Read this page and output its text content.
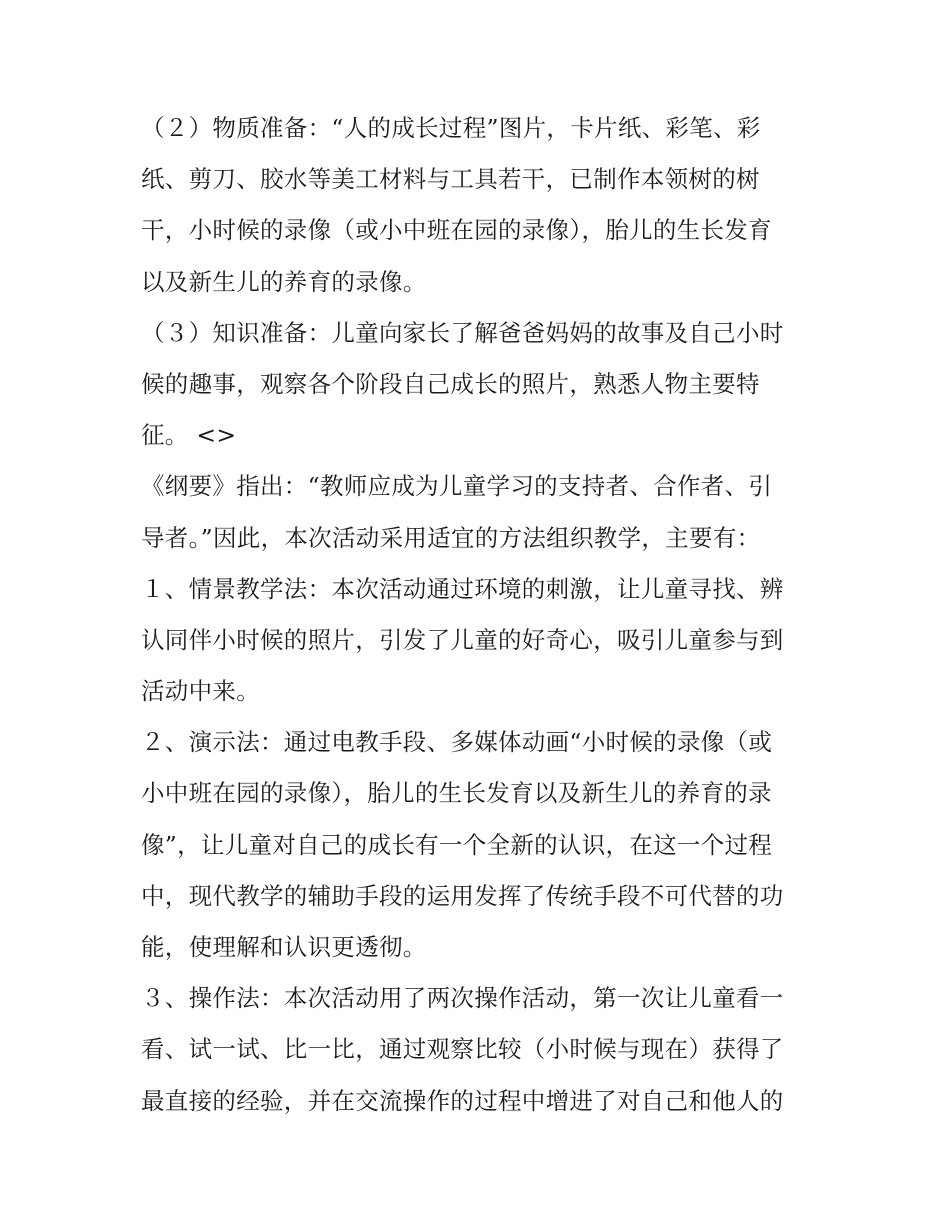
（２）物质准备：“人的成长过程”图片，卡片纸、彩笔、彩
纸、剪刀、胶水等美工材料与工具若干，已制作本领树的树
干，小时候的录像（或小中班在园的录像），胎儿的生长发育
以及新生儿的养育的录像。
（３）知识准备：儿童向家长了解爸爸妈妈的故事及自己小时
候的趣事，观察各个阶段自己成长的照片，熟悉人物主要特
征。 <>
《纲要》指出：“教师应成为儿童学习的支持者、合作者、引
导者。”因此，本次活动采用适宜的方法组织教学，主要有：
１、情景教学法：本次活动通过环境的刺激，让儿童寻找、辨
认同伴小时候的照片，引发了儿童的好奇心，吸引儿童参与到
活动中来。
２、演示法：通过电教手段、多媒体动画“小时候的录像（或
小中班在园的录像），胎儿的生长发育以及新生儿的养育的录
像”，让儿童对自己的成长有一个全新的认识，在这一个过程
中，现代教学的辅助手段的运用发挥了传统手段不可代替的功
能，使理解和认识更透彻。
３、操作法：本次活动用了两次操作活动，第一次让儿童看一
看、试一试、比一比，通过观察比较（小时候与现在）获得了
最直接的经验，并在交流操作的过程中增进了对自己和他人的
